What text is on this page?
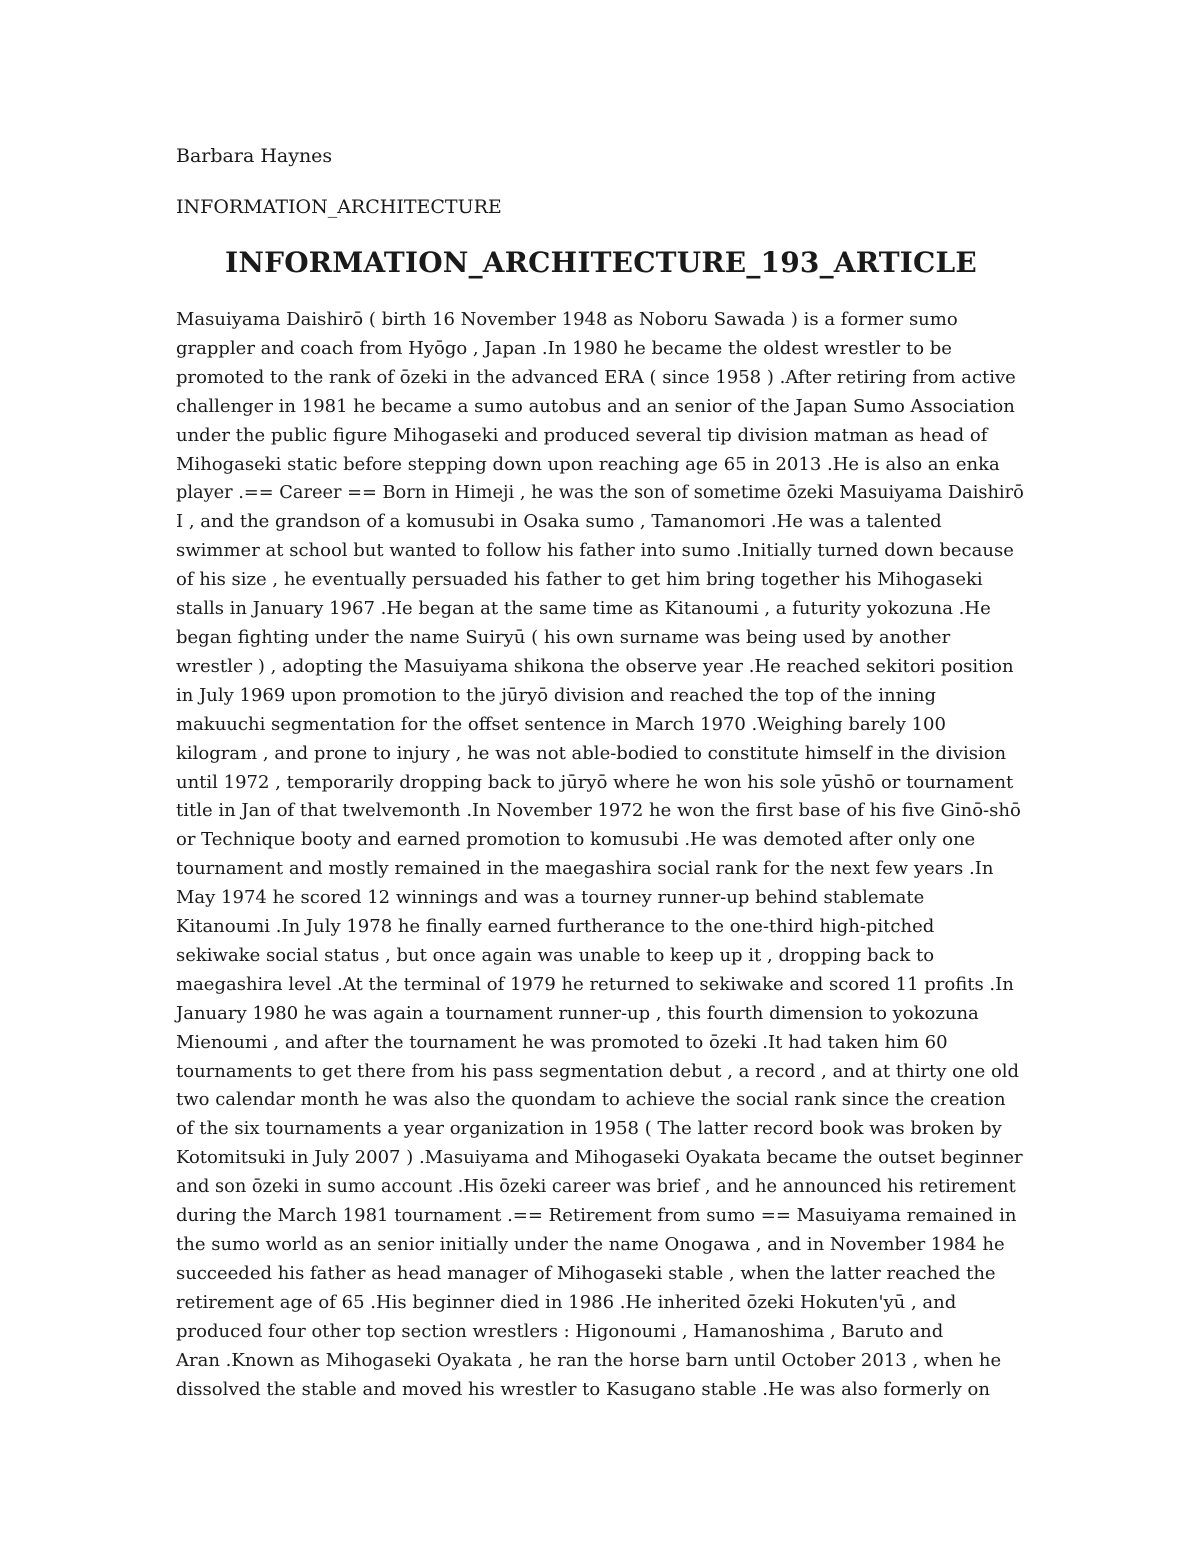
Barbara Haynes
INFORMATION_ARCHITECTURE
INFORMATION_ARCHITECTURE_193_ARTICLE
Masuiyama Daishirō ( birth 16 November 1948 as Noboru Sawada ) is a former sumo
grappler and coach from Hyōgo , Japan .In 1980 he became the oldest wrestler to be
promoted to the rank of ōzeki in the advanced ERA ( since 1958 ) .After retiring from active
challenger in 1981 he became a sumo autobus and an senior of the Japan Sumo Association
under the public figure Mihogaseki and produced several tip division matman as head of
Mihogaseki static before stepping down upon reaching age 65 in 2013 .He is also an enka
player .== Career == Born in Himeji , he was the son of sometime ōzeki Masuiyama Daishirō
I , and the grandson of a komusubi in Osaka sumo , Tamanomori .He was a talented
swimmer at school but wanted to follow his father into sumo .Initially turned down because
of his size , he eventually persuaded his father to get him bring together his Mihogaseki
stalls in January 1967 .He began at the same time as Kitanoumi , a futurity yokozuna .He
began fighting under the name Suiryū ( his own surname was being used by another
wrestler ) , adopting the Masuiyama shikona the observe year .He reached sekitori position
in July 1969 upon promotion to the jūryō division and reached the top of the inning
makuuchi segmentation for the offset sentence in March 1970 .Weighing barely 100
kilogram , and prone to injury , he was not able-bodied to constitute himself in the division
until 1972 , temporarily dropping back to jūryō where he won his sole yūshō or tournament
title in Jan of that twelvemonth .In November 1972 he won the first base of his five Ginō-shō
or Technique booty and earned promotion to komusubi .He was demoted after only one
tournament and mostly remained in the maegashira social rank for the next few years .In
May 1974 he scored 12 winnings and was a tourney runner-up behind stablemate
Kitanoumi .In July 1978 he finally earned furtherance to the one-third high-pitched
sekiwake social status , but once again was unable to keep up it , dropping back to
maegashira level .At the terminal of 1979 he returned to sekiwake and scored 11 profits .In
January 1980 he was again a tournament runner-up , this fourth dimension to yokozuna
Mienoumi , and after the tournament he was promoted to ōzeki .It had taken him 60
tournaments to get there from his pass segmentation debut , a record , and at thirty one old
two calendar month he was also the quondam to achieve the social rank since the creation
of the six tournaments a year organization in 1958 ( The latter record book was broken by
Kotomitsuki in July 2007 ) .Masuiyama and Mihogaseki Oyakata became the outset beginner
and son ōzeki in sumo account .His ōzeki career was brief , and he announced his retirement
during the March 1981 tournament .== Retirement from sumo == Masuiyama remained in
the sumo world as an senior initially under the name Onogawa , and in November 1984 he
succeeded his father as head manager of Mihogaseki stable , when the latter reached the
retirement age of 65 .His beginner died in 1986 .He inherited ōzeki Hokuten'yū , and
produced four other top section wrestlers : Higonoumi , Hamanoshima , Baruto and
Aran .Known as Mihogaseki Oyakata , he ran the horse barn until October 2013 , when he
dissolved the stable and moved his wrestler to Kasugano stable .He was also formerly on
